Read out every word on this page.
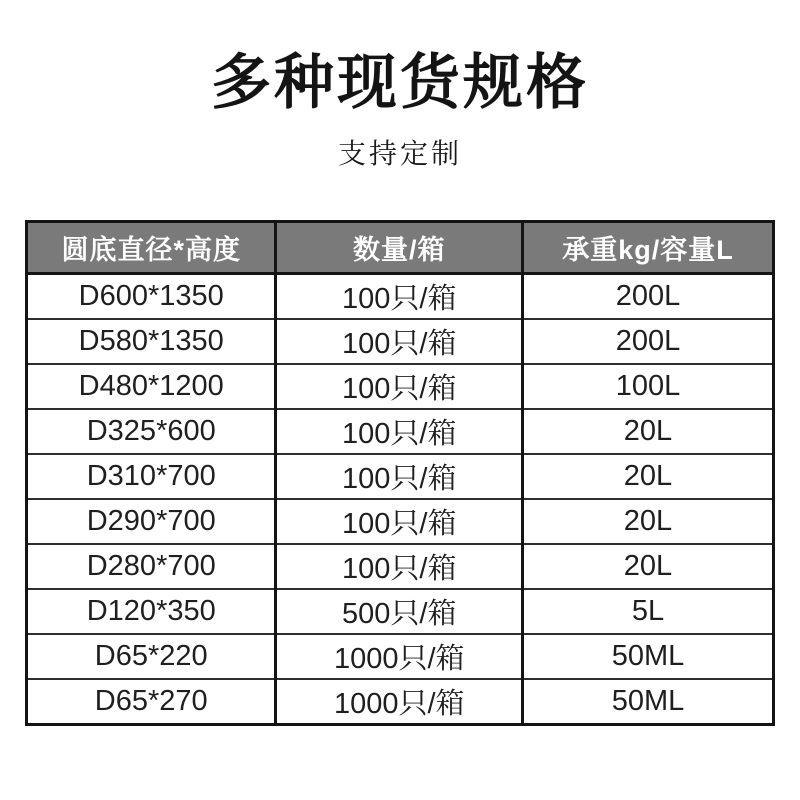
多种现货规格

支持定制

圆底直径*高度	数量/箱	承重kg/容量L
D600*1350	100只/箱	200L
D580*1350	100只/箱	200L
D480*1200	100只/箱	100L
D325*600	100只/箱	20L
D310*700	100只/箱	20L
D290*700	100只/箱	20L
D280*700	100只/箱	20L
D120*350	500只/箱	5L
D65*220	1000只/箱	50ML
D65*270	1000只/箱	50ML
